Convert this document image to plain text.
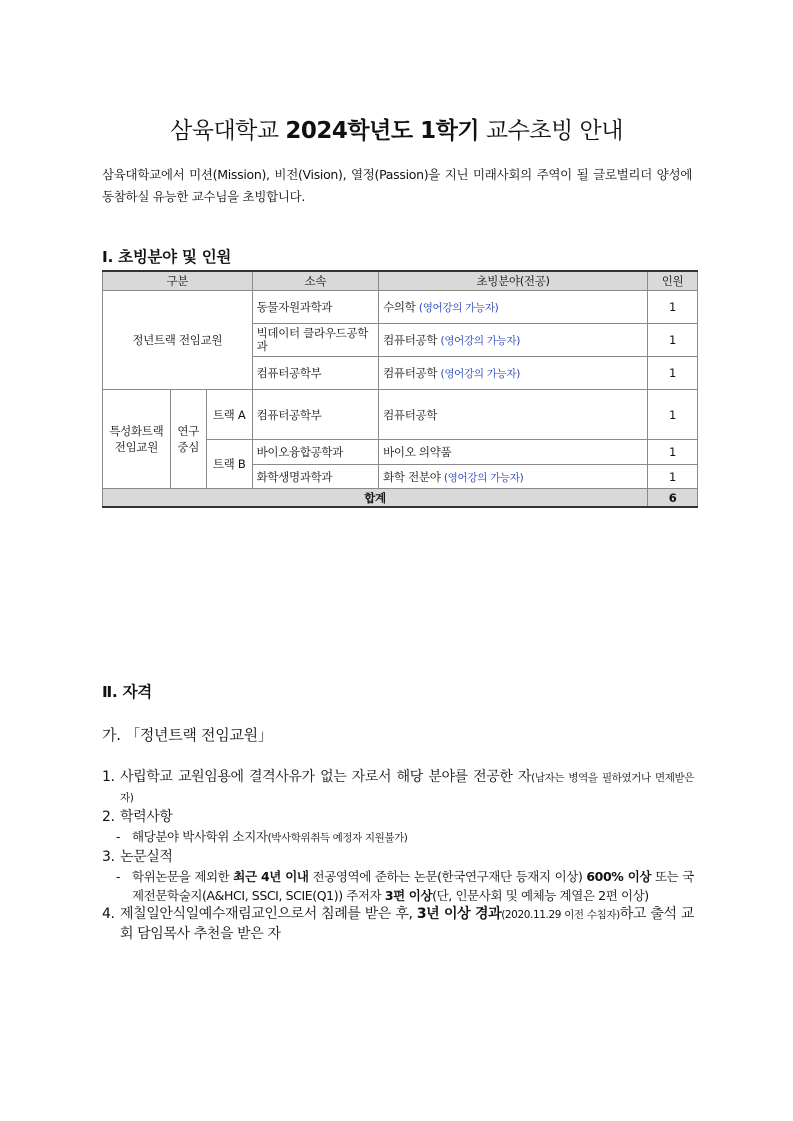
삼육대학교 2024학년도 1학기 교수초빙 안내
삼육대학교에서 미션(Mission), 비전(Vision), 열정(Passion)을 지닌 미래사회의 주역이 될 글로벌리더 양성에 동참하실 유능한 교수님을 초빙합니다.
Ⅰ. 초빙분야 및 인원
구분			소속	초빙분야(전공)	인원
정년트랙 전임교원			동물자원과학과	수의학 (영어강의 가능자)	1
			빅데이터 클라우드공학과	컴퓨터공학 (영어강의 가능자)	1
			컴퓨터공학부	컴퓨터공학 (영어강의 가능자)	1
특성화트랙 전임교원	연구 중심	트랙 A	컴퓨터공학부	컴퓨터공학	1
		트랙 B	바이오융합공학과	바이오 의약품	1
			화학생명과학과	화학 전분야 (영어강의 가능자)	1
합계					6
Ⅱ. 자격
가. 「정년트랙 전임교원」
1. 사립학교 교원임용에 결격사유가 없는 자로서 해당 분야를 전공한 자(남자는 병역을 필하였거나 면제받은 자)
2. 학력사항
- 해당분야 박사학위 소지자(박사학위취득 예정자 지원불가)
3. 논문실적
- 학위논문을 제외한 최근 4년 이내 전공영역에 준하는 논문(한국연구재단 등재지 이상) 600% 이상 또는 국제전문학술지(A&HCI, SSCI, SCIE(Q1)) 주저자 3편 이상(단, 인문사회 및 예체능 계열은 2편 이상)
4. 제칠일안식일예수재림교인으로서 침례를 받은 후, 3년 이상 경과(2020.11.29 이전 수침자)하고 출석 교회 담임목사 추천을 받은 자
